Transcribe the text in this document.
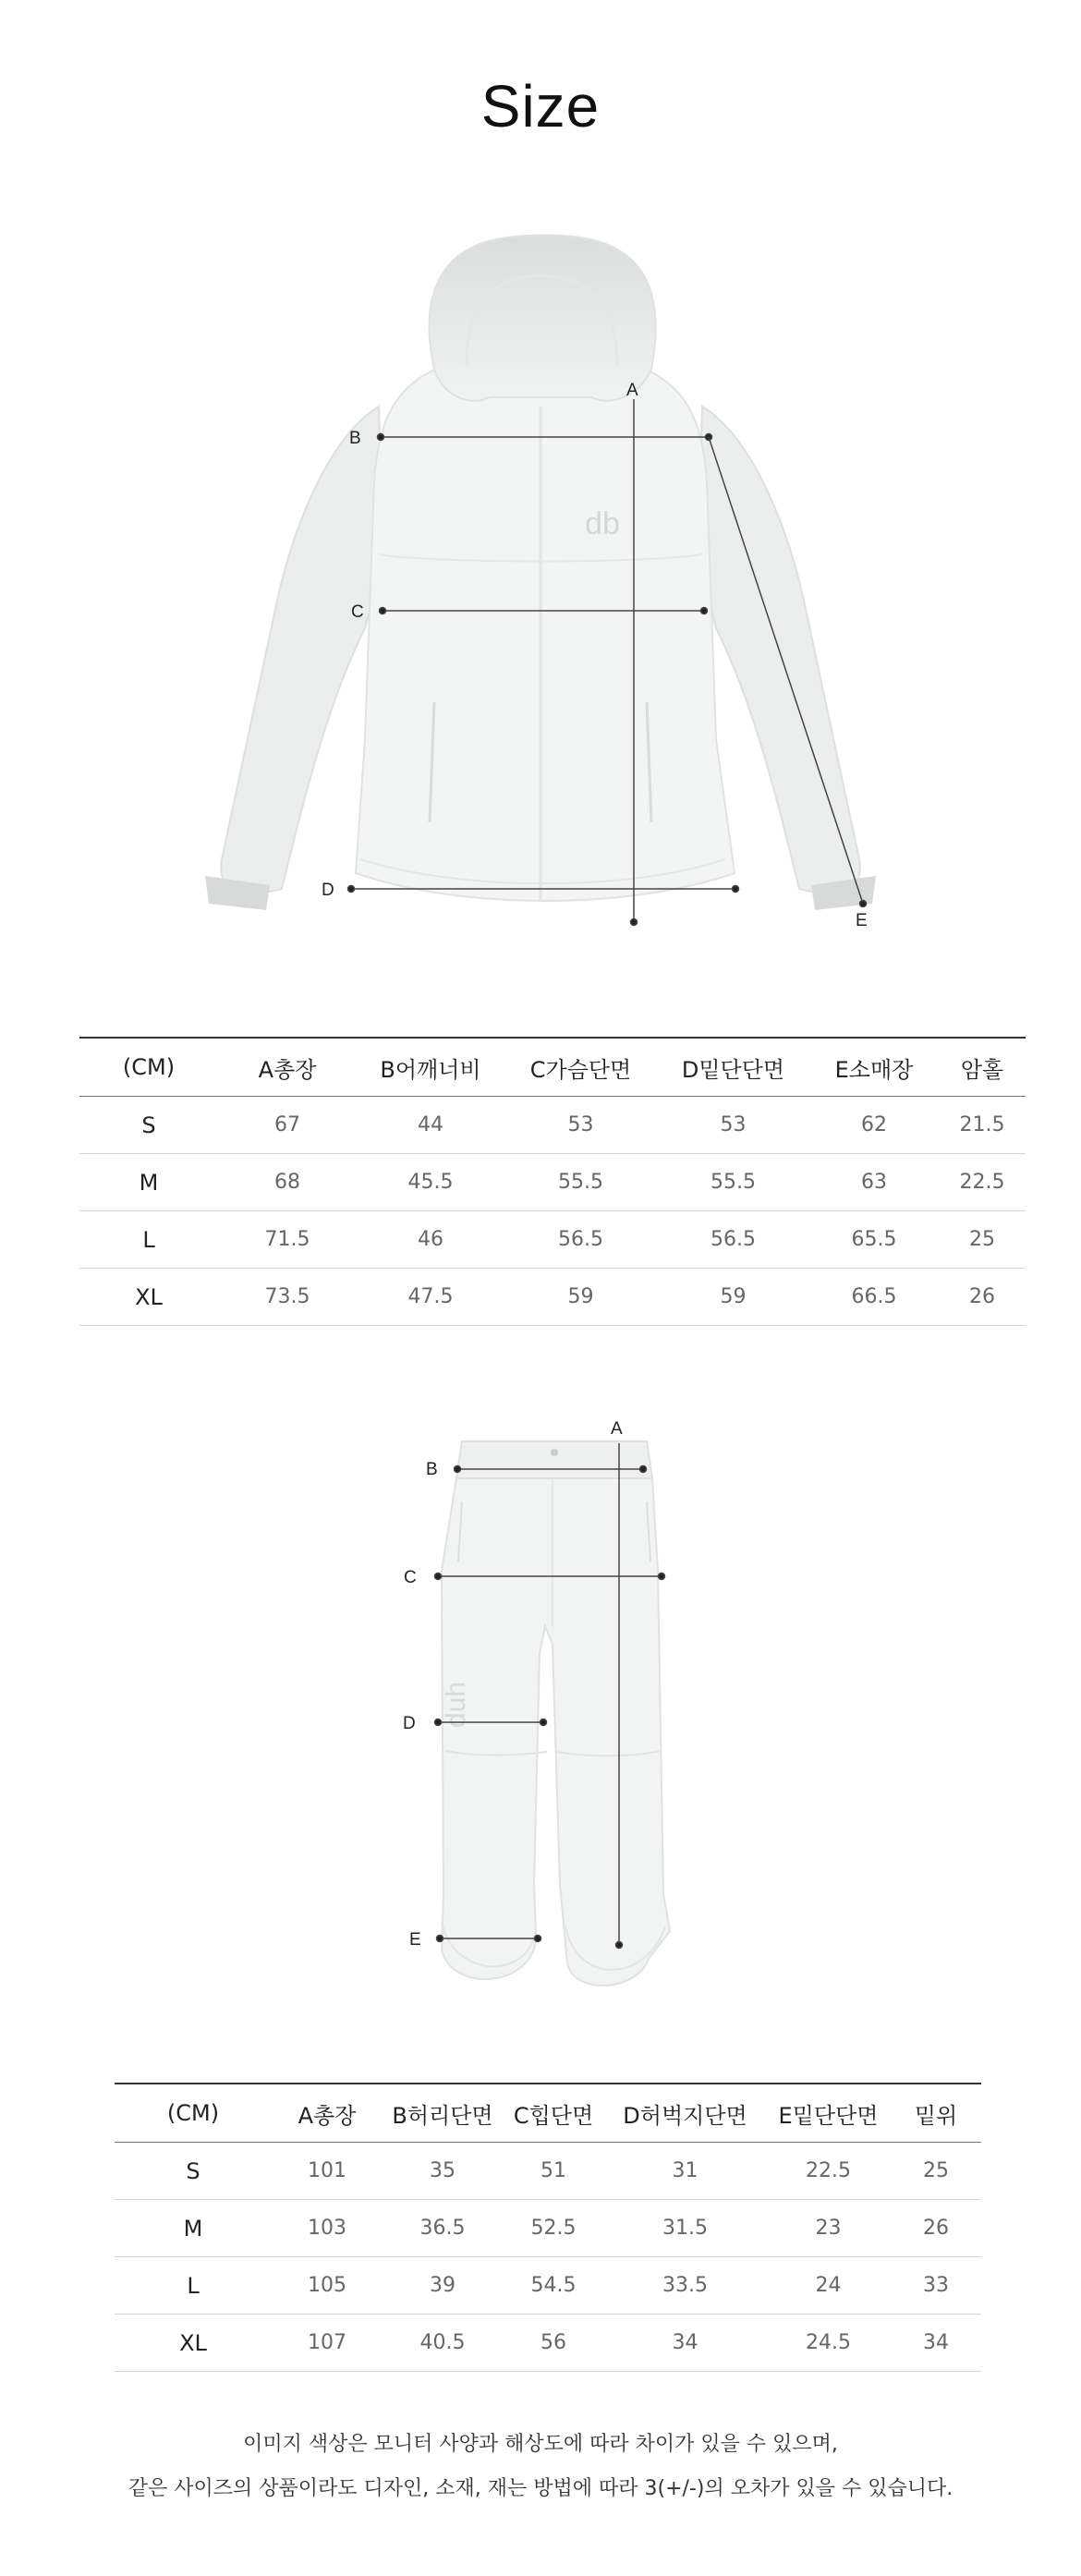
Size
db
A
B
C
D
E
(CM)	A총장	B어깨너비	C가슴단면	D밑단단면	E소매장	암홀
S	67	44	53	53	62	21.5
M	68	45.5	55.5	55.5	63	22.5
L	71.5	46	56.5	56.5	65.5	25
XL	73.5	47.5	59	59	66.5	26
duh
A
B
C
D
E
(CM)	A총장	B허리단면	C힙단면	D허벅지단면	E밑단단면	밑위
S	101	35	51	31	22.5	25
M	103	36.5	52.5	31.5	23	26
L	105	39	54.5	33.5	24	33
XL	107	40.5	56	34	24.5	34
이미지 색상은 모니터 사양과 해상도에 따라 차이가 있을 수 있으며,
같은 사이즈의 상품이라도 디자인, 소재, 재는 방법에 따라 3(+/-)의 오차가 있을 수 있습니다.
